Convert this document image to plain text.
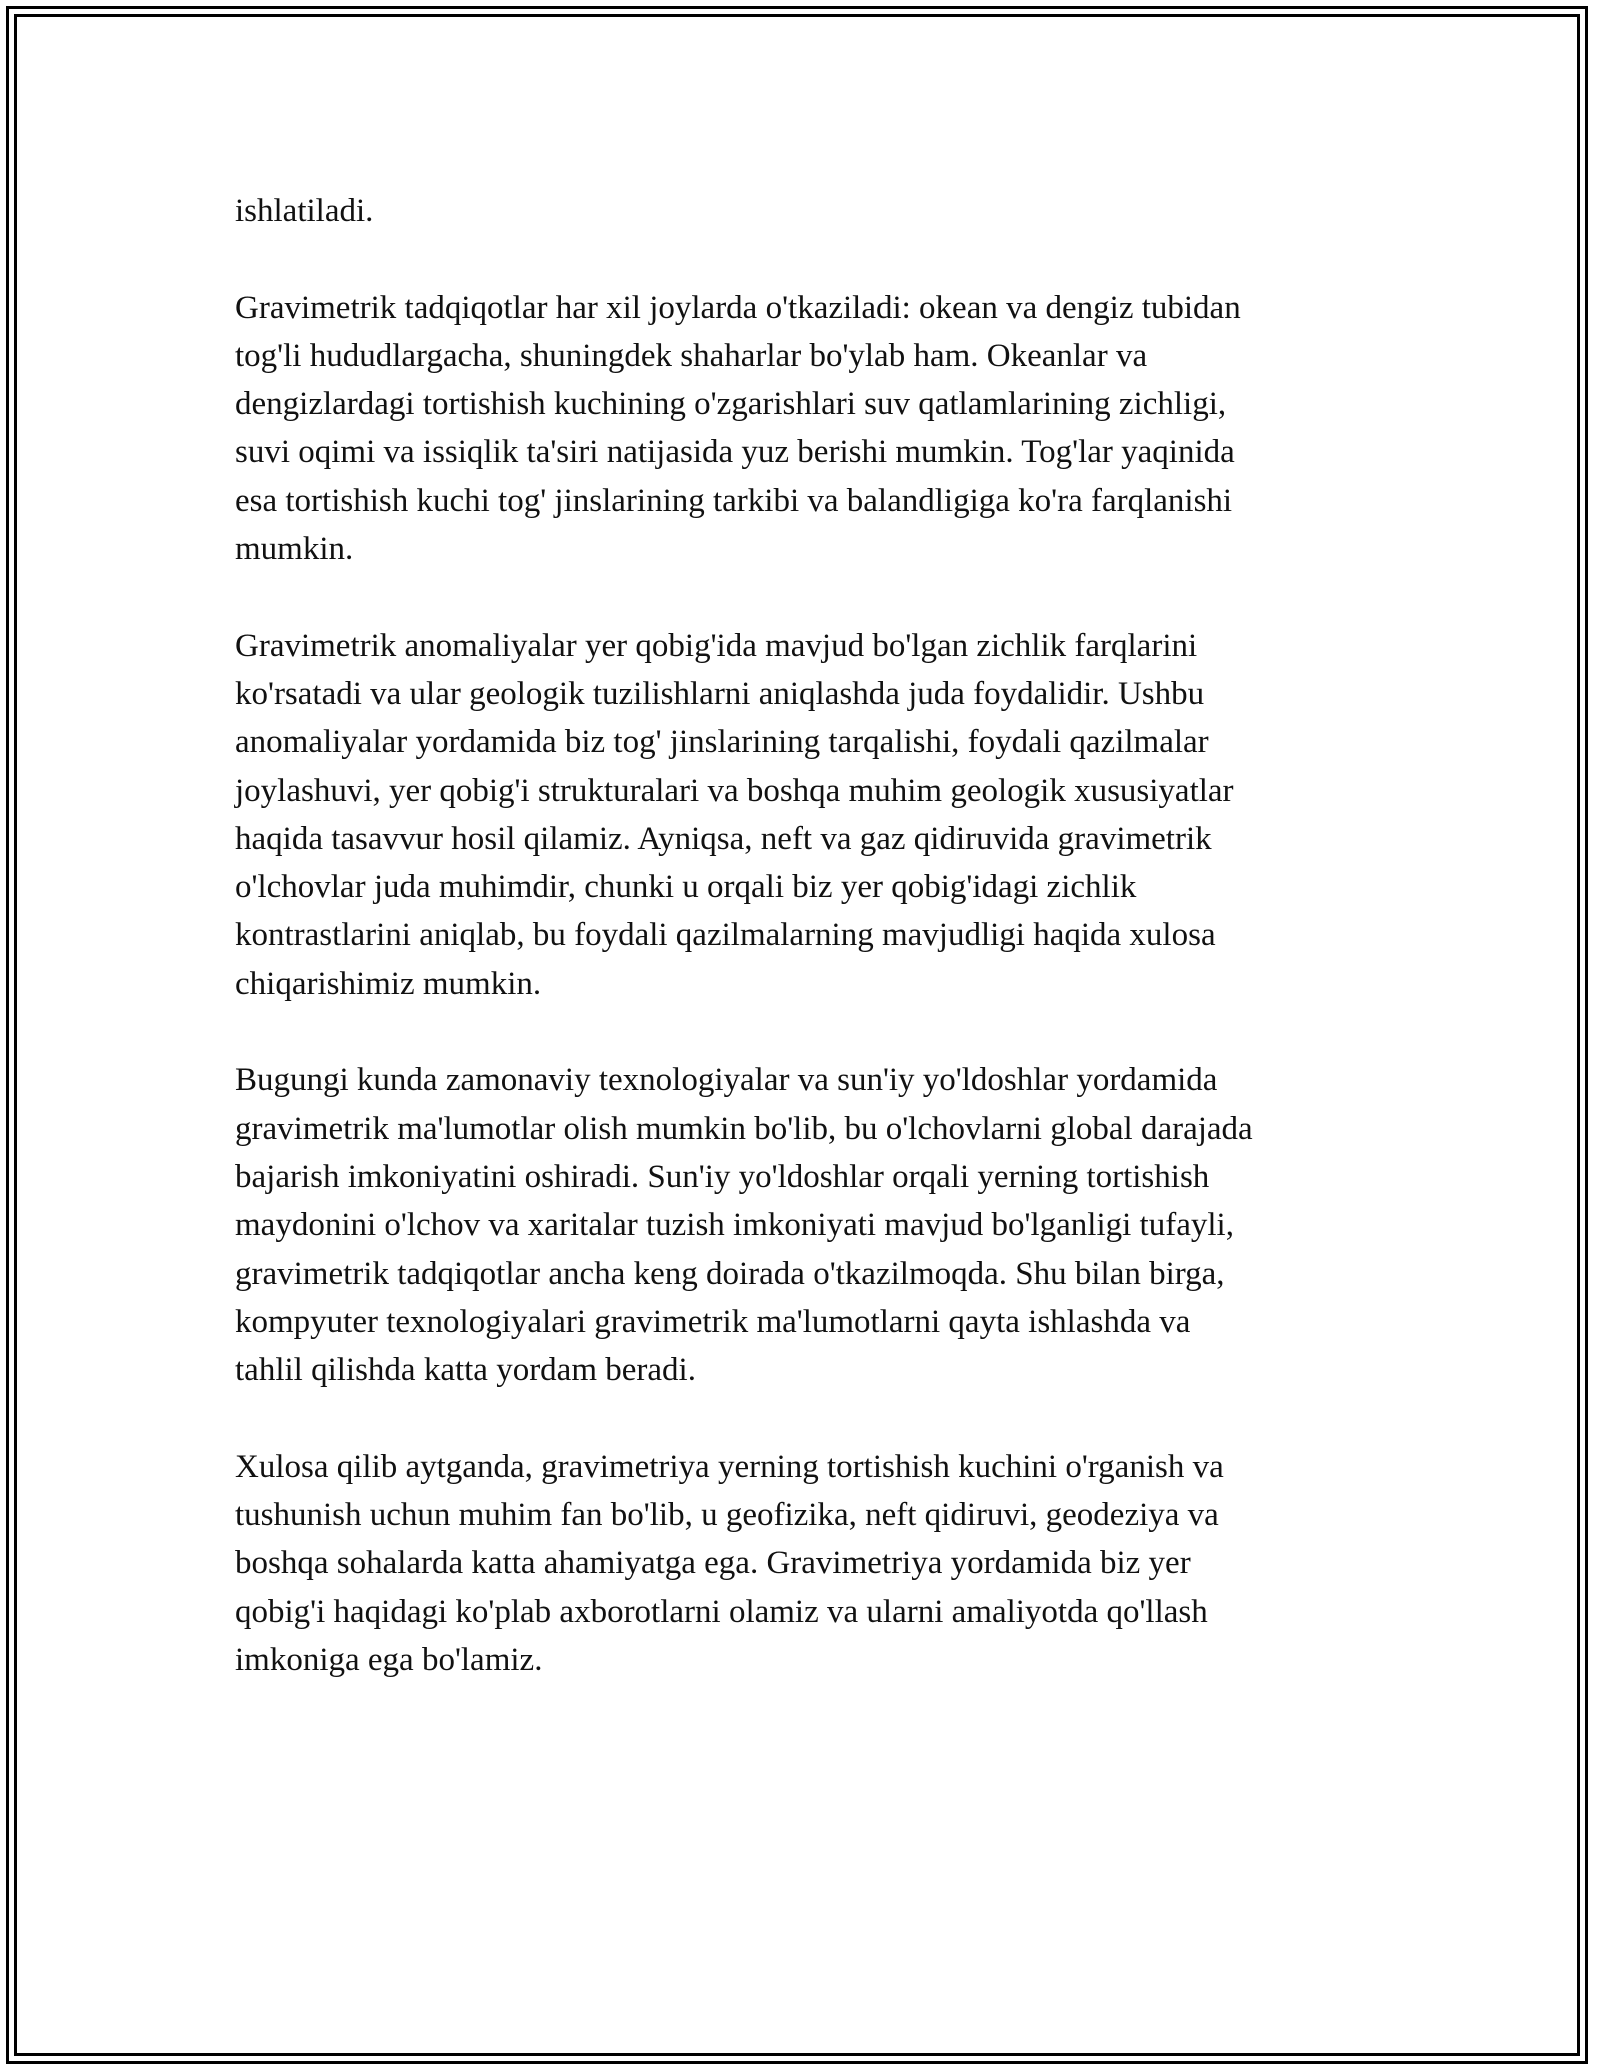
ishlatiladi.

Gravimetrik tadqiqotlar har xil joylarda o'tkaziladi: okean va dengiz tubidan
tog'li hududlargacha, shuningdek shaharlar bo'ylab ham. Okeanlar va
dengizlardagi tortishish kuchining o'zgarishlari suv qatlamlarining zichligi,
suvi oqimi va issiqlik ta'siri natijasida yuz berishi mumkin. Tog'lar yaqinida
esa tortishish kuchi tog' jinslarining tarkibi va balandligiga ko'ra farqlanishi
mumkin.

Gravimetrik anomaliyalar yer qobig'ida mavjud bo'lgan zichlik farqlarini
ko'rsatadi va ular geologik tuzilishlarni aniqlashda juda foydalidir. Ushbu
anomaliyalar yordamida biz tog' jinslarining tarqalishi, foydali qazilmalar
joylashuvi, yer qobig'i strukturalari va boshqa muhim geologik xususiyatlar
haqida tasavvur hosil qilamiz. Ayniqsa, neft va gaz qidiruvida gravimetrik
o'lchovlar juda muhimdir, chunki u orqali biz yer qobig'idagi zichlik
kontrastlarini aniqlab, bu foydali qazilmalarning mavjudligi haqida xulosa
chiqarishimiz mumkin.

Bugungi kunda zamonaviy texnologiyalar va sun'iy yo'ldoshlar yordamida
gravimetrik ma'lumotlar olish mumkin bo'lib, bu o'lchovlarni global darajada
bajarish imkoniyatini oshiradi. Sun'iy yo'ldoshlar orqali yerning tortishish
maydonini o'lchov va xaritalar tuzish imkoniyati mavjud bo'lganligi tufayli,
gravimetrik tadqiqotlar ancha keng doirada o'tkazilmoqda. Shu bilan birga,
kompyuter texnologiyalari gravimetrik ma'lumotlarni qayta ishlashda va
tahlil qilishda katta yordam beradi.

Xulosa qilib aytganda, gravimetriya yerning tortishish kuchini o'rganish va
tushunish uchun muhim fan bo'lib, u geofizika, neft qidiruvi, geodeziya va
boshqa sohalarda katta ahamiyatga ega. Gravimetriya yordamida biz yer
qobig'i haqidagi ko'plab axborotlarni olamiz va ularni amaliyotda qo'llash
imkoniga ega bo'lamiz.
